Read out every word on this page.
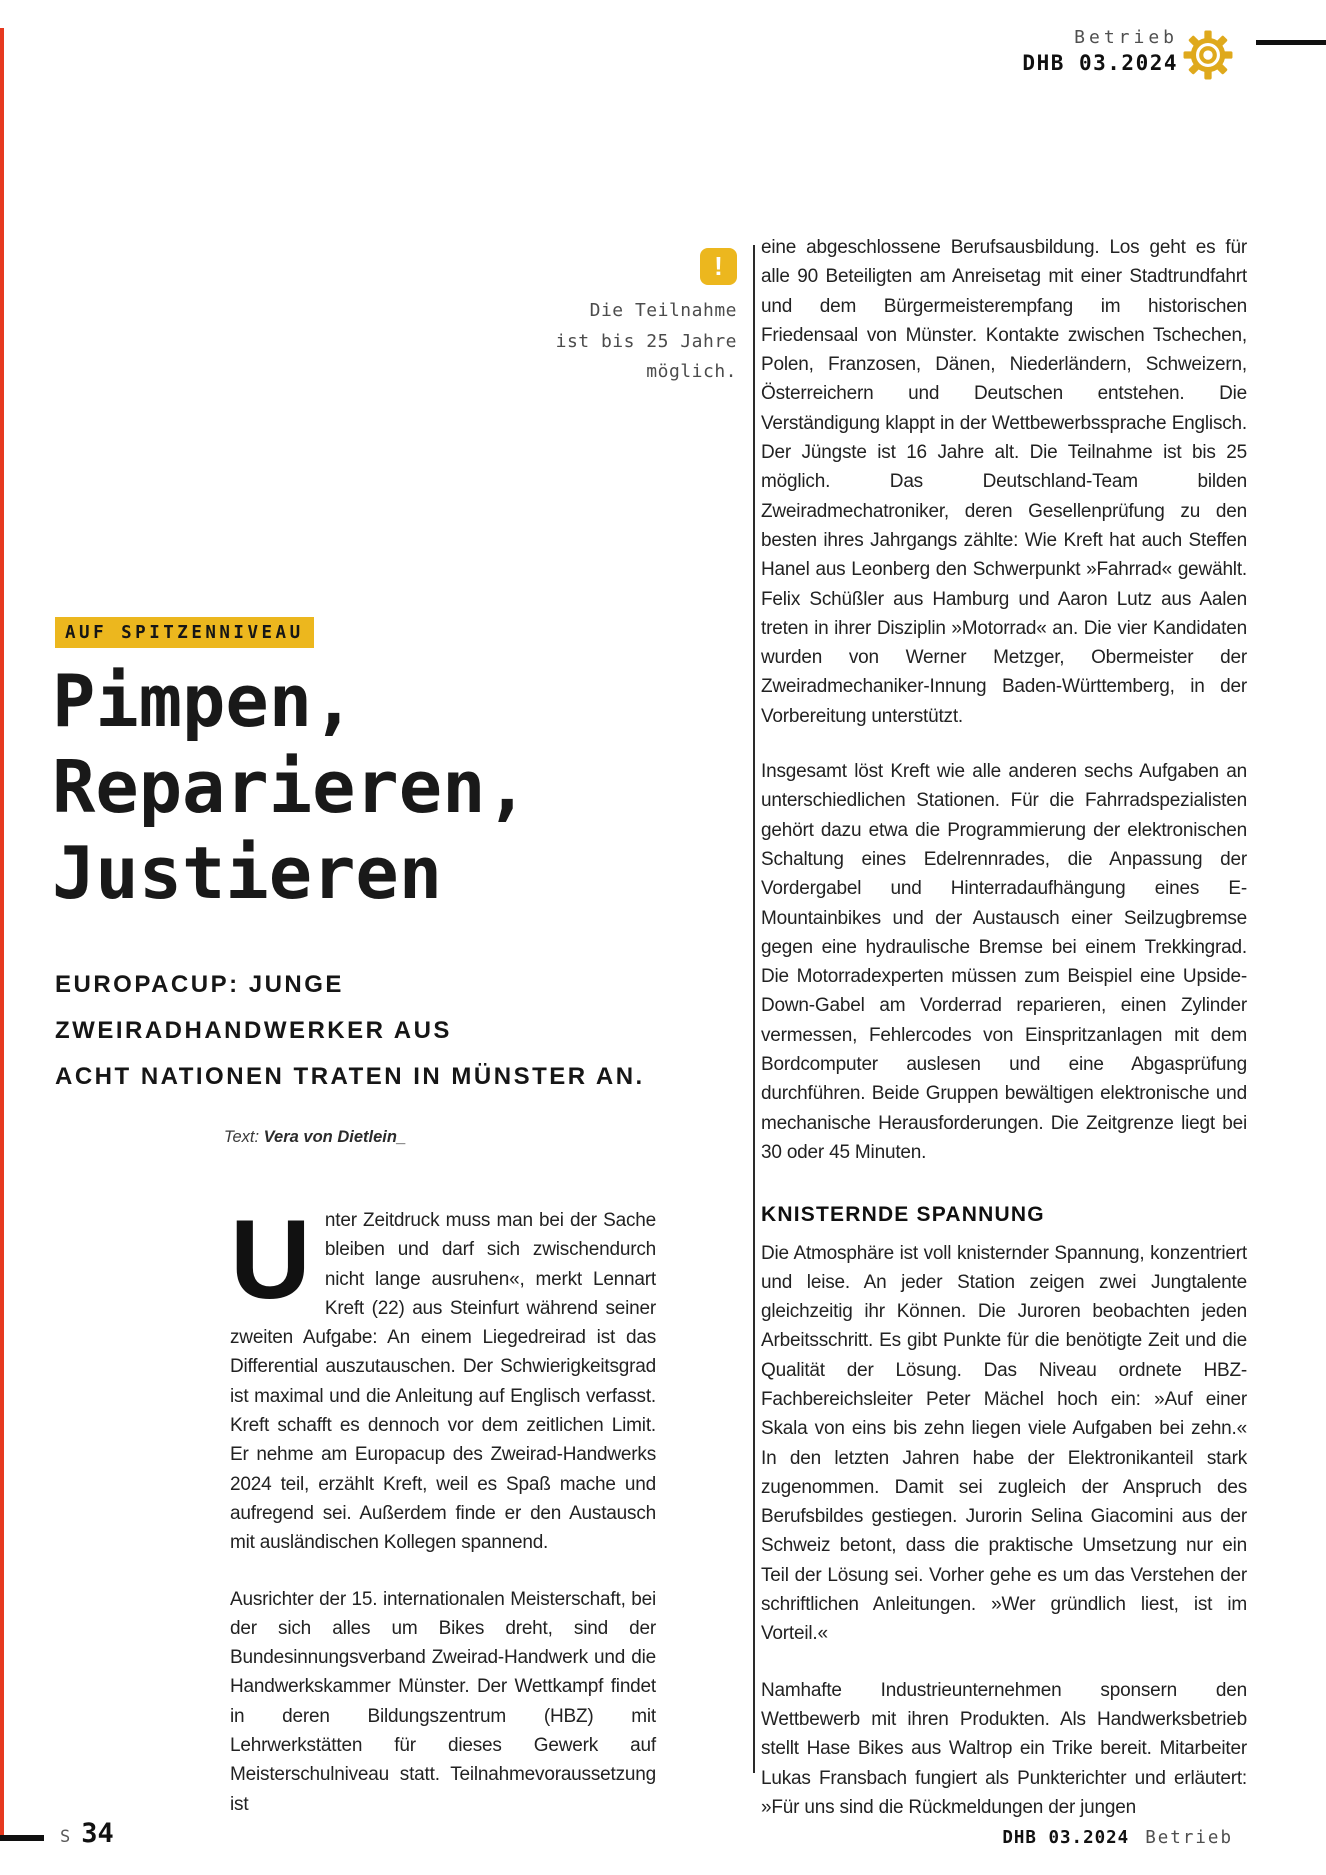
Betrieb
DHB 03.2024
!
Die Teilnahme
ist bis 25 Jahre
möglich.
AUF SPITZENNIVEAU
Pimpen,
Reparieren,
Justieren
EUROPACUP: JUNGE ZWEIRADHANDWERKER AUS
ACHT NATIONEN TRATEN IN MÜNSTER AN.
Text: Vera von Dietlein_
Unter Zeitdruck muss man bei der Sache bleiben und darf sich zwischendurch nicht lange ausruhen«, merkt Lennart Kreft (22) aus Steinfurt während seiner zweiten Aufgabe: An einem Liegedreirad ist das Differential auszutauschen. Der Schwierigkeitsgrad ist maximal und die Anleitung auf Englisch verfasst. Kreft schafft es dennoch vor dem zeitlichen Limit. Er nehme am Europacup des Zweirad-Handwerks 2024 teil, erzählt Kreft, weil es Spaß mache und aufregend sei. Außerdem finde er den Austausch mit ausländischen Kollegen spannend.
Ausrichter der 15. internationalen Meisterschaft, bei der sich alles um Bikes dreht, sind der Bundesinnungsverband Zweirad-Handwerk und die Handwerkskammer Münster. Der Wettkampf findet in deren Bildungszentrum (HBZ) mit Lehrwerkstätten für dieses Gewerk auf Meisterschulniveau statt. Teilnahmevoraussetzung ist
eine abgeschlossene Berufsausbildung. Los geht es für alle 90 Beteiligten am Anreisetag mit einer Stadtrundfahrt und dem Bürgermeisterempfang im historischen Friedensaal von Münster. Kontakte zwischen Tschechen, Polen, Franzosen, Dänen, Niederländern, Schweizern, Österreichern und Deutschen entstehen. Die Verständigung klappt in der Wettbewerbssprache Englisch. Der Jüngste ist 16 Jahre alt. Die Teilnahme ist bis 25 möglich. Das Deutschland-Team bilden Zweiradmechatroniker, deren Gesellenprüfung zu den besten ihres Jahrgangs zählte: Wie Kreft hat auch Steffen Hanel aus Leonberg den Schwerpunkt »Fahrrad« gewählt. Felix Schüßler aus Hamburg und Aaron Lutz aus Aalen treten in ihrer Disziplin »Motorrad« an. Die vier Kandidaten wurden von Werner Metzger, Obermeister der Zweiradmechaniker-Innung Baden-Württemberg, in der Vorbereitung unterstützt.
Insgesamt löst Kreft wie alle anderen sechs Aufgaben an unterschiedlichen Stationen. Für die Fahrradspezialisten gehört dazu etwa die Programmierung der elektronischen Schaltung eines Edelrennrades, die Anpassung der Vordergabel und Hinterradaufhängung eines E-Mountainbikes und der Austausch einer Seilzugbremse gegen eine hydraulische Bremse bei einem Trekkingrad. Die Motorradexperten müssen zum Beispiel eine Upside-Down-Gabel am Vorderrad reparieren, einen Zylinder vermessen, Fehlercodes von Einspritzanlagen mit dem Bordcomputer auslesen und eine Abgasprüfung durchführen. Beide Gruppen bewältigen elektronische und mechanische Herausforderungen. Die Zeitgrenze liegt bei 30 oder 45 Minuten.
KNISTERNDE SPANNUNG
Die Atmosphäre ist voll knisternder Spannung, konzentriert und leise. An jeder Station zeigen zwei Jungtalente gleichzeitig ihr Können. Die Juroren beobachten jeden Arbeitsschritt. Es gibt Punkte für die benötigte Zeit und die Qualität der Lösung. Das Niveau ordnete HBZ-Fachbereichsleiter Peter Mächel hoch ein: »Auf einer Skala von eins bis zehn liegen viele Aufgaben bei zehn.« In den letzten Jahren habe der Elektronikanteil stark zugenommen. Damit sei zugleich der Anspruch des Berufsbildes gestiegen. Jurorin Selina Giacomini aus der Schweiz betont, dass die praktische Umsetzung nur ein Teil der Lösung sei. Vorher gehe es um das Verstehen der schriftlichen Anleitungen. »Wer gründlich liest, ist im Vorteil.«
Namhafte Industrieunternehmen sponsern den Wettbewerb mit ihren Produkten. Als Handwerksbetrieb stellt Hase Bikes aus Waltrop ein Trike bereit. Mitarbeiter Lukas Fransbach fungiert als Punkterichter und erläutert: »Für uns sind die Rückmeldungen der jungen
S 34	DHB 03.2024 Betrieb
